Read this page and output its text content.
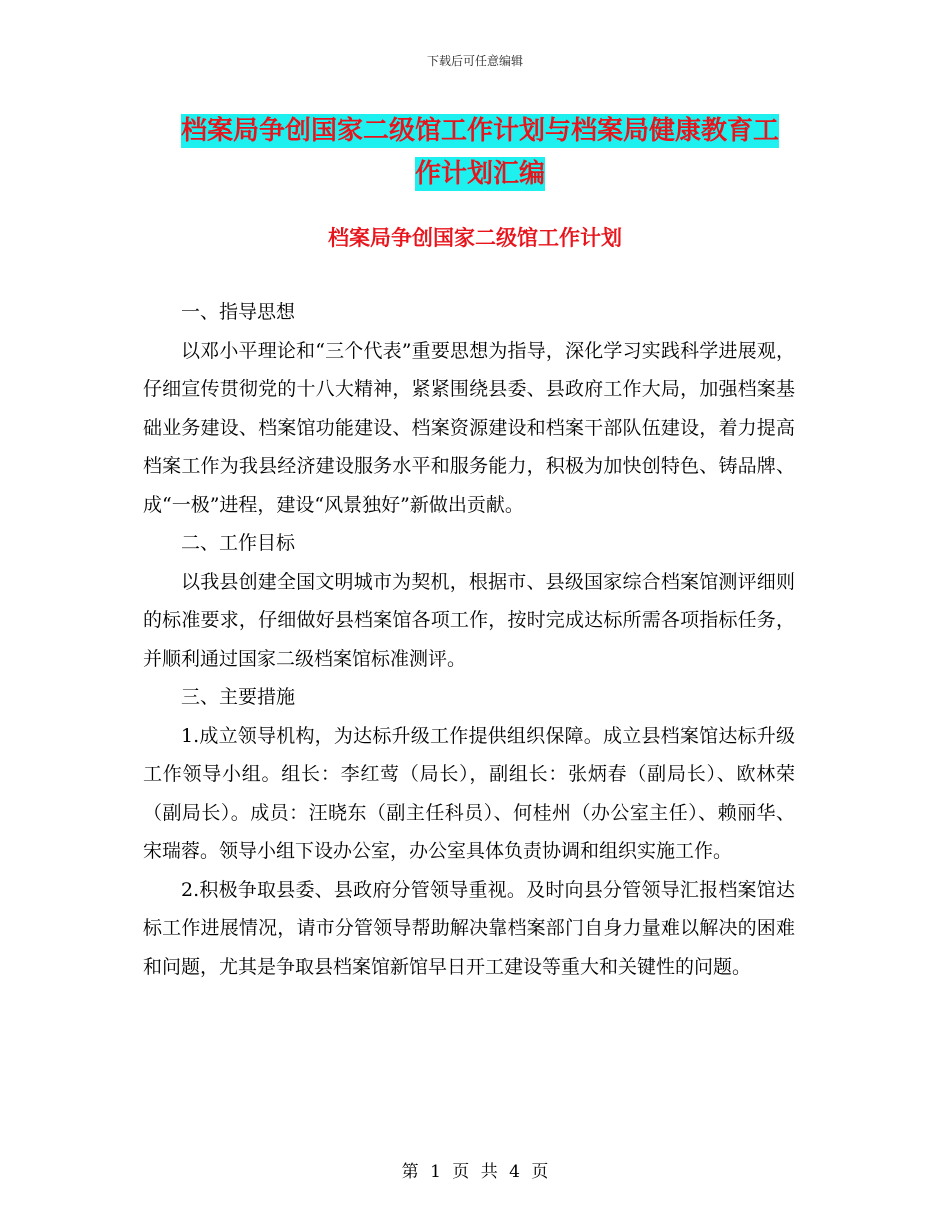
下载后可任意编辑
档案局争创国家二级馆工作计划与档案局健康教育工
作计划汇编
档案局争创国家二级馆工作计划

一、指导思想

以邓小平理论和“三个代表”重要思想为指导，深化学习实践科学进展观，仔细宣传贯彻党的十八大精神，紧紧围绕县委、县政府工作大局，加强档案基础业务建设、档案馆功能建设、档案资源建设和档案干部队伍建设，着力提高档案工作为我县经济建设服务水平和服务能力，积极为加快创特色、铸品牌、成“一极”进程，建设“风景独好”新做出贡献。

二、工作目标

以我县创建全国文明城市为契机，根据市、县级国家综合档案馆测评细则的标准要求，仔细做好县档案馆各项工作，按时完成达标所需各项指标任务，并顺利通过国家二级档案馆标准测评。

三、主要措施

1.成立领导机构，为达标升级工作提供组织保障。成立县档案馆达标升级工作领导小组。组长：李红莺（局长），副组长：张炳春（副局长）、欧林荣（副局长）。成员：汪晓东（副主任科员）、何桂州（办公室主任）、赖丽华、宋瑞蓉。领导小组下设办公室，办公室具体负责协调和组织实施工作。

2.积极争取县委、县政府分管领导重视。及时向县分管领导汇报档案馆达标工作进展情况，请市分管领导帮助解决靠档案部门自身力量难以解决的困难和问题，尤其是争取县档案馆新馆早日开工建设等重大和关键性的问题。

第 1 页 共 4 页
